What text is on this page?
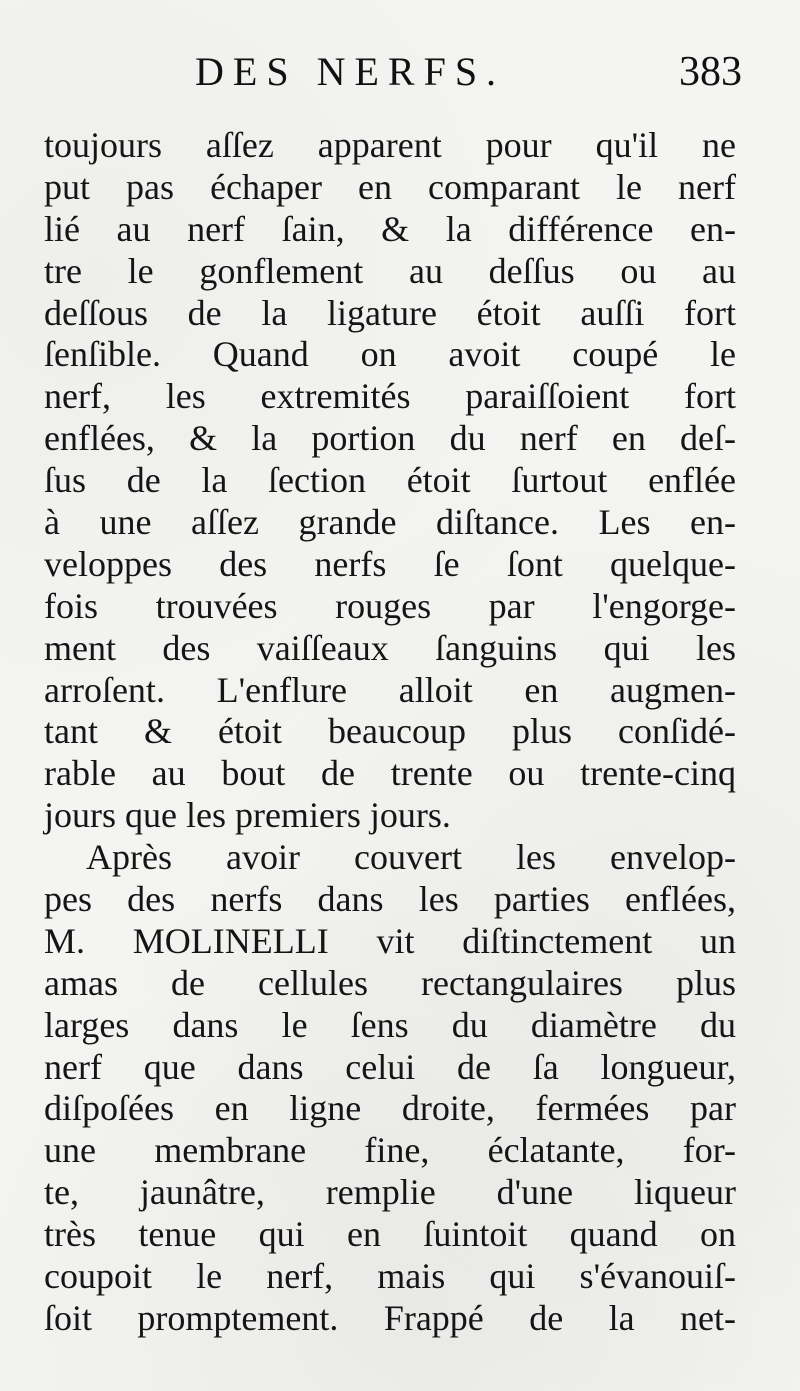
DES NERFS.	383
toujours aſſez apparent pour qu'il ne
put pas échaper en comparant le nerf
lié au nerf ſain, & la différence en-
tre le gonflement au deſſus ou au
deſſous de la ligature étoit auſſi fort
ſenſible. Quand on avoit coupé le
nerf, les extremités paraiſſoient fort
enflées, & la portion du nerf en deſ-
ſus de la ſection étoit ſurtout enflée
à une aſſez grande diſtance. Les en-
veloppes des nerfs ſe ſont quelque-
fois trouvées rouges par l'engorge-
ment des vaiſſeaux ſanguins qui les
arroſent. L'enflure alloit en augmen-
tant & étoit beaucoup plus conſidé-
rable au bout de trente ou trente-cinq
jours que les premiers jours.
Après avoir couvert les envelop-
pes des nerfs dans les parties enflées,
M. MOLINELLI vit diſtinctement un
amas de cellules rectangulaires plus
larges dans le ſens du diamètre du
nerf que dans celui de ſa longueur,
diſpoſées en ligne droite, fermées par
une membrane fine, éclatante, for-
te, jaunâtre, remplie d'une liqueur
très tenue qui en ſuintoit quand on
coupoit le nerf, mais qui s'évanouiſ-
ſoit promptement. Frappé de la net-
